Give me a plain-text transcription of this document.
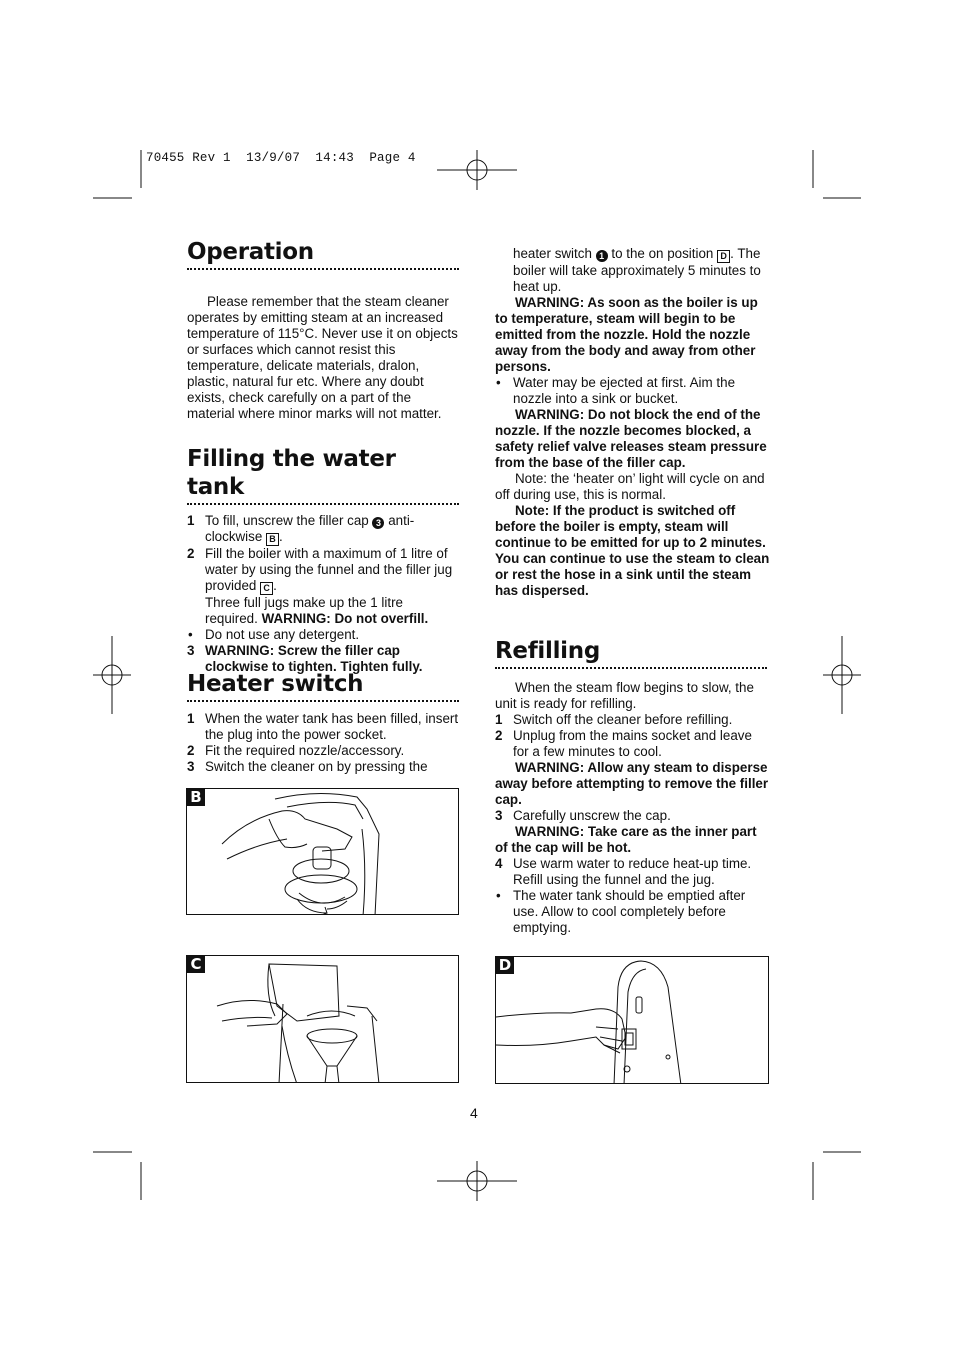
70455 Rev 1  13/9/07  14:43  Page 4
Operation

Please remember that the steam cleaner operates by emitting steam at an increased temperature of 115°C. Never use it on objects or surfaces which cannot resist this temperature, delicate materials, dralon, plastic, natural fur etc. Where any doubt exists, check carefully on a part of the material where minor marks will not matter.

Filling the water tank
1 To fill, unscrew the filler cap 3 anti-clockwise B .
2 Fill the boiler with a maximum of 1 litre of water by using the funnel and the filler jug provided C .
Three full jugs make up the 1 litre required. WARNING: Do not overfill.
• Do not use any detergent.
3 WARNING: Screw the filler cap clockwise to tighten. Tighten fully.
Heater switch
1 When the water tank has been filled, insert the plug into the power socket.
2 Fit the required nozzle/accessory.
3 Switch the cleaner on by pressing the
B
C
heater switch 1 to the on position D . The boiler will take approximately 5 minutes to heat up.

WARNING: As soon as the boiler is up to temperature, steam will begin to be emitted from the nozzle. Hold the nozzle away from the body and away from other persons.

• Water may be ejected at first. Aim the nozzle into a sink or bucket.

WARNING: Do not block the end of the nozzle. If the nozzle becomes blocked, a safety relief valve releases steam pressure from the base of the filler cap.

Note: the ‘heater on’ light will cycle on and off during use, this is normal.

Note: If the product is switched off before the boiler is empty, steam will continue to be emitted for up to 2 minutes. You can continue to use the steam to clean or rest the hose in a sink until the steam has dispersed.

Refilling

When the steam flow begins to slow, the unit is ready for refilling.

1 Switch off the cleaner before refilling.
2 Unplug from the mains socket and leave for a few minutes to cool.

WARNING: Allow any steam to disperse away before attempting to remove the filler cap.

3 Carefully unscrew the cap.

WARNING: Take care as the inner part of the cap will be hot.

4 Use warm water to reduce heat-up time. Refill using the funnel and the jug.
• The water tank should be emptied after use. Allow to cool completely before emptying.
D
4
